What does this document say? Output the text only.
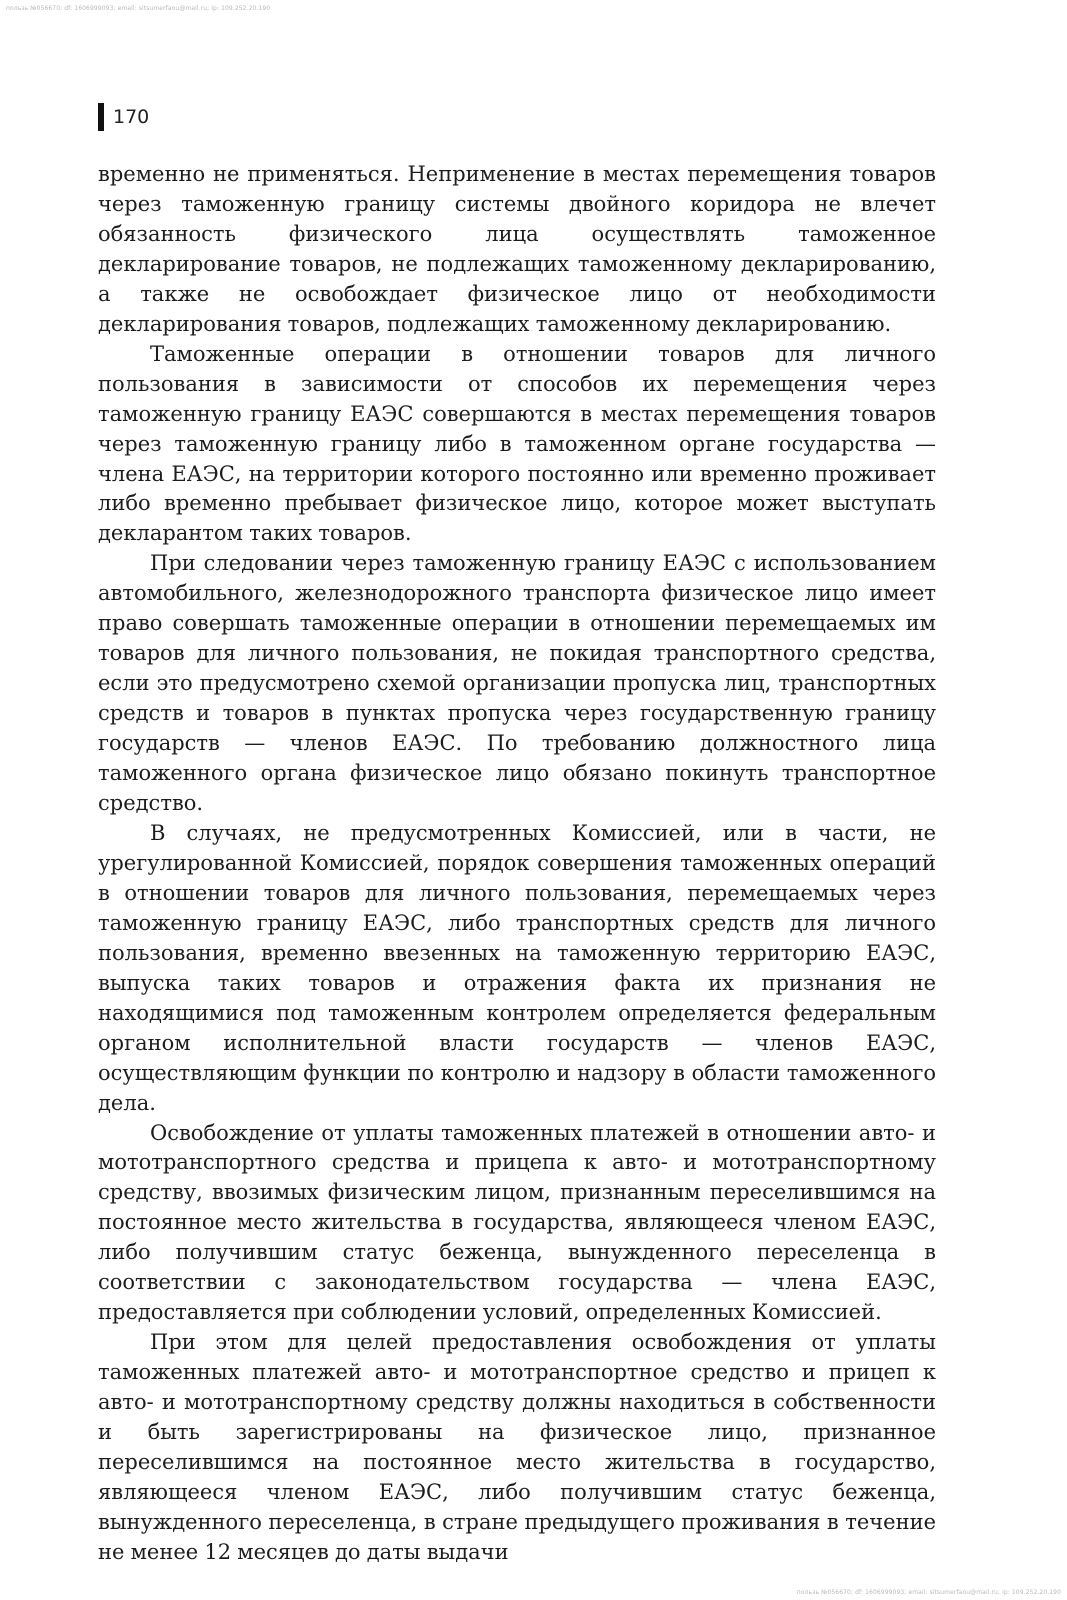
пользь №056670; df: 1606999093; email: sitsumerfaou@mail.ru; ip: 109.252.20.190
170

временно не применяться. Неприменение в местах перемещения товаров через таможенную границу системы двойного коридора не влечет обязанность физического лица осуществлять таможенное декларирование товаров, не подлежащих таможенному декларированию, а также не освобождает физическое лицо от необходимости декларирования товаров, подлежащих таможенному декларированию.

Таможенные операции в отношении товаров для личного пользования в зависимости от способов их перемещения через таможенную границу ЕАЭС совершаются в местах перемещения товаров через таможенную границу либо в таможенном органе государства — члена ЕАЭС, на территории которого постоянно или временно проживает либо временно пребывает физическое лицо, которое может выступать декларантом таких товаров.

При следовании через таможенную границу ЕАЭС с использованием автомобильного, железнодорожного транспорта физическое лицо имеет право совершать таможенные операции в отношении перемещаемых им товаров для личного пользования, не покидая транспортного средства, если это предусмотрено схемой организации пропуска лиц, транспортных средств и товаров в пунктах пропуска через государственную границу государств — членов ЕАЭС. По требованию должностного лица таможенного органа физическое лицо обязано покинуть транспортное средство.

В случаях, не предусмотренных Комиссией, или в части, не урегулированной Комиссией, порядок совершения таможенных операций в отношении товаров для личного пользования, перемещаемых через таможенную границу ЕАЭС, либо транспортных средств для личного пользования, временно ввезенных на таможенную территорию ЕАЭС, выпуска таких товаров и отражения факта их признания не находящимися под таможенным контролем определяется федеральным органом исполнительной власти государств — членов ЕАЭС, осуществляющим функции по контролю и надзору в области таможенного дела.

Освобождение от уплаты таможенных платежей в отношении авто- и мототранспортного средства и прицепа к авто- и мототранспортному средству, ввозимых физическим лицом, признанным переселившимся на постоянное место жительства в государства, являющееся членом ЕАЭС, либо получившим статус беженца, вынужденного переселенца в соответствии с законодательством государства — члена ЕАЭС, предоставляется при соблюдении условий, определенных Комиссией.

При этом для целей предоставления освобождения от уплаты таможенных платежей авто- и мототранспортное средство и прицеп к авто- и мототранспортному средству должны находиться в собственности и быть зарегистрированы на физическое лицо, признанное переселившимся на постоянное место жительства в государство, являющееся членом ЕАЭС, либо получившим статус беженца, вынужденного переселенца, в стране предыдущего проживания в течение не менее 12 месяцев до даты выдачи

пользь №056670; df: 1606999093; email: sitsumerfaou@mail.ru; ip: 109.252.20.190
